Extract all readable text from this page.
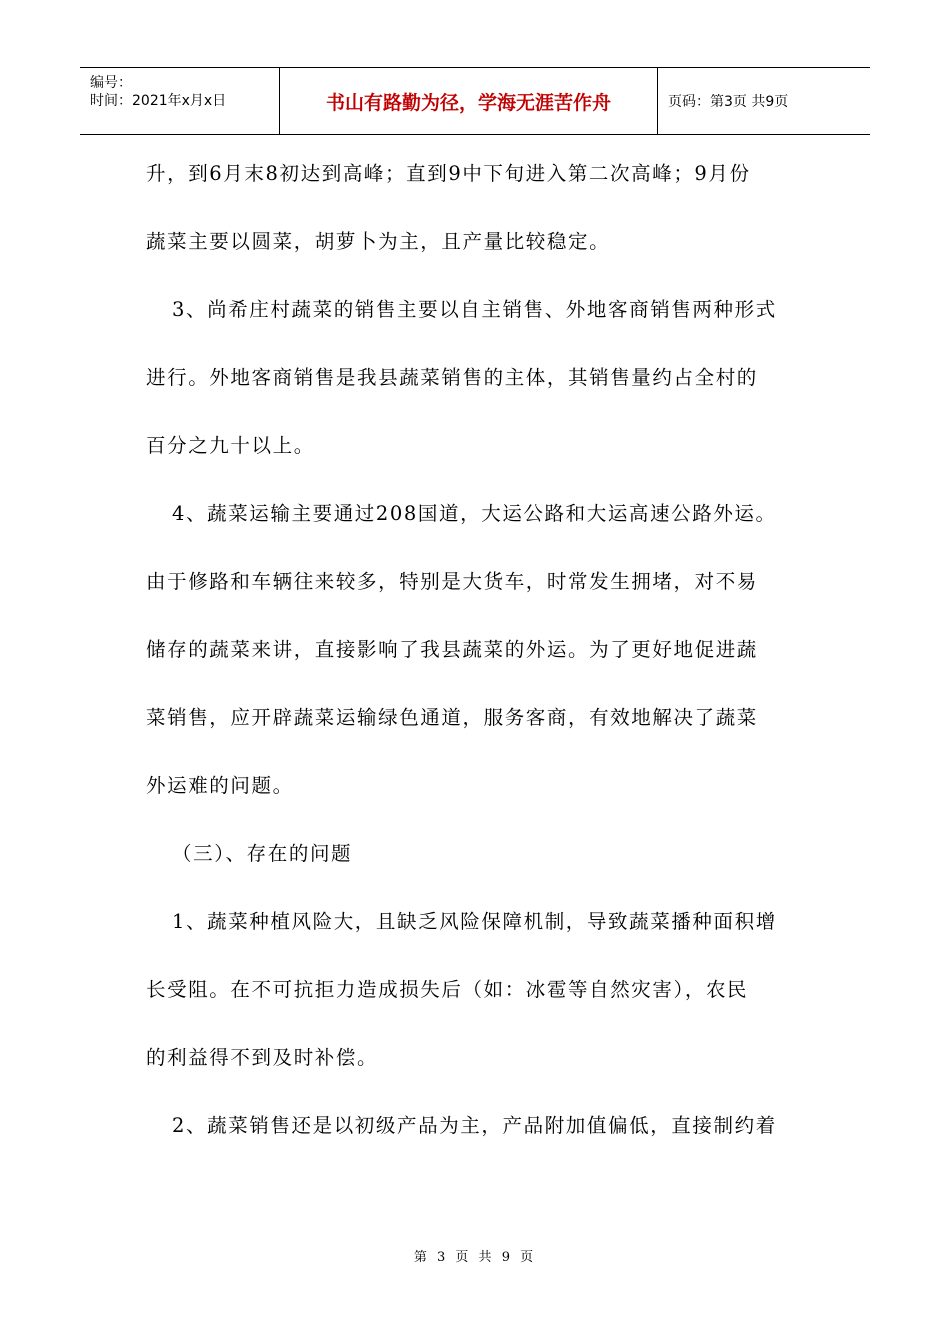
编号：
时间：2021年x月x日	书山有路勤为径，学海无涯苦作舟	页码：第3页 共9页
升，到6月末8初达到高峰；直到9中下旬进入第二次高峰；9月份
蔬菜主要以圆菜，胡萝卜为主，且产量比较稳定。
3、尚希庄村蔬菜的销售主要以自主销售、外地客商销售两种形式
进行。外地客商销售是我县蔬菜销售的主体，其销售量约占全村的
百分之九十以上。
4、蔬菜运输主要通过208国道，大运公路和大运高速公路外运。
由于修路和车辆往来较多，特别是大货车，时常发生拥堵，对不易
储存的蔬菜来讲，直接影响了我县蔬菜的外运。为了更好地促进蔬
菜销售，应开辟蔬菜运输绿色通道，服务客商，有效地解决了蔬菜
外运难的问题。
（三）、存在的问题
1、蔬菜种植风险大，且缺乏风险保障机制，导致蔬菜播种面积增
长受阻。在不可抗拒力造成损失后（如：冰雹等自然灾害），农民
的利益得不到及时补偿。
2、蔬菜销售还是以初级产品为主，产品附加值偏低，直接制约着
第 3 页 共 9 页
